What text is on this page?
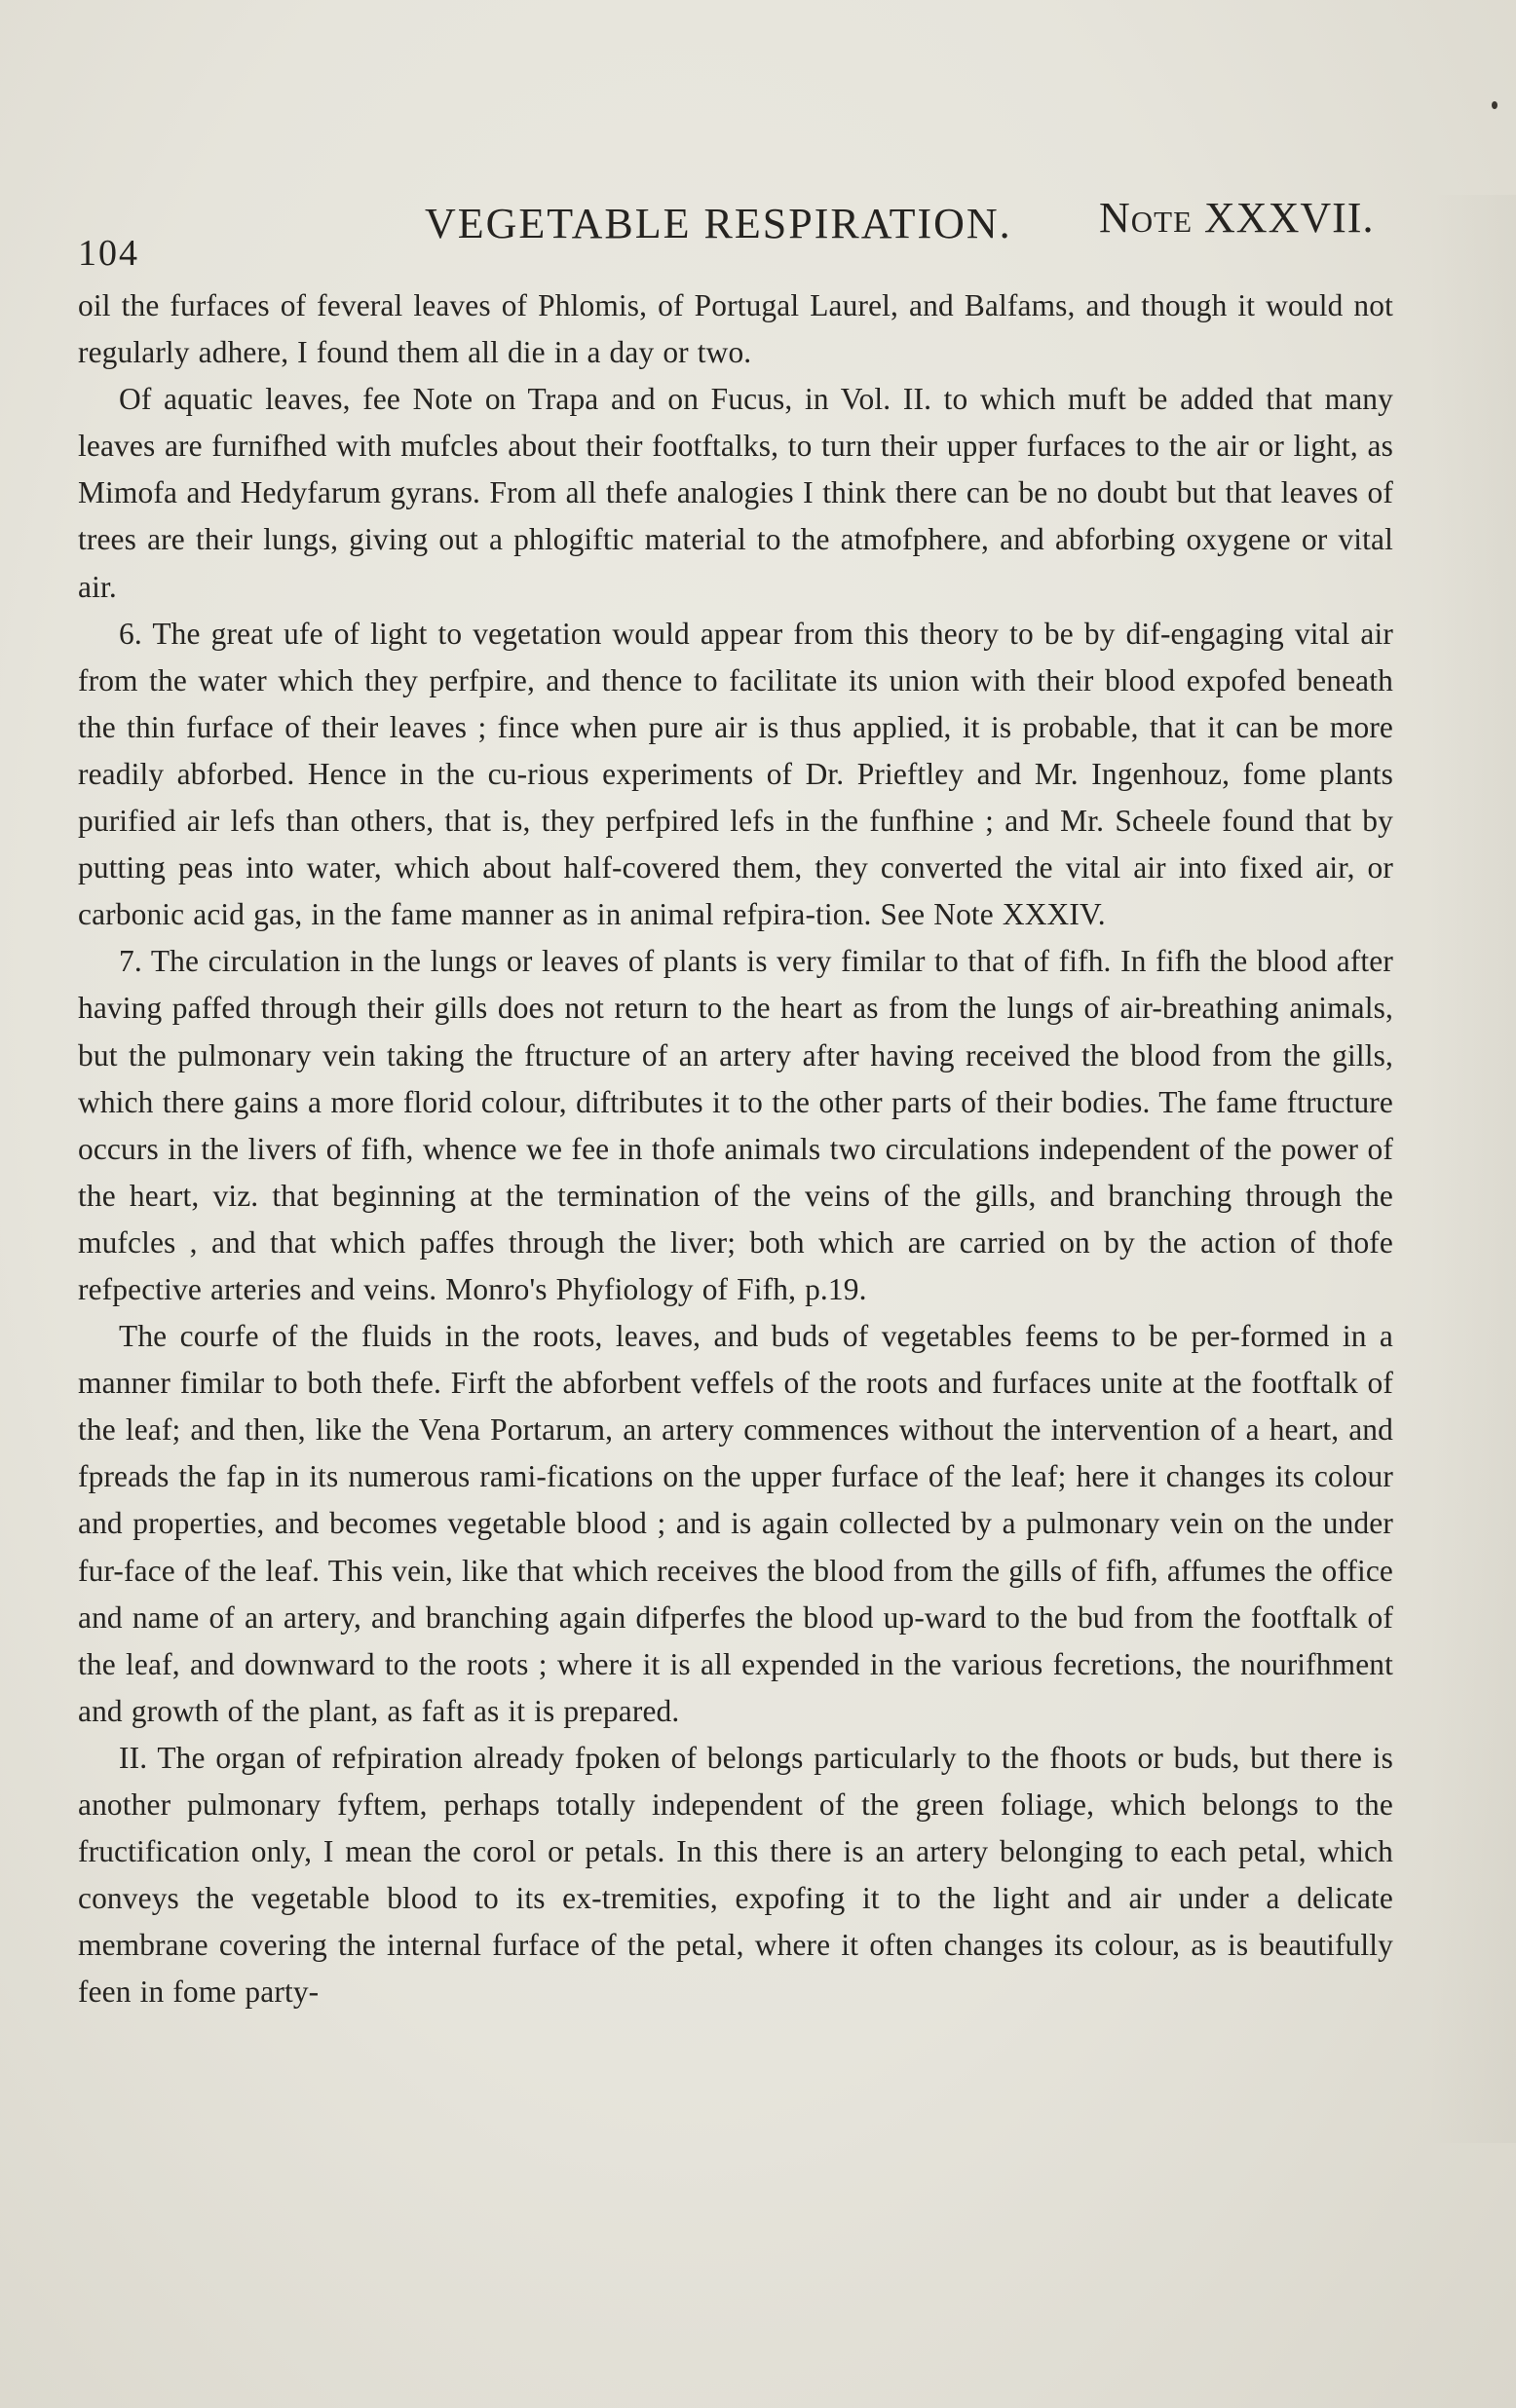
104
VEGETABLE RESPIRATION. Note XXXVII.

oil the furfaces of feveral leaves of Phlomis, of Portugal Laurel, and Balfams, and though it would not regularly adhere, I found them all die in a day or two.

Of aquatic leaves, fee Note on Trapa and on Fucus, in Vol. II. to which muft be added that many leaves are furnifhed with mufcles about their footftalks, to turn their upper furfaces to the air or light, as Mimofa and Hedyfarum gyrans. From all thefe analogies I think there can be no doubt but that leaves of trees are their lungs, giving out a phlogiftic material to the atmofphere, and abforbing oxygene or vital air.

6. The great ufe of light to vegetation would appear from this theory to be by dif-engaging vital air from the water which they perfpire, and thence to facilitate its union with their blood expofed beneath the thin furface of their leaves ; fince when pure air is thus applied, it is probable, that it can be more readily abforbed. Hence in the cu-rious experiments of Dr. Prieftley and Mr. Ingenhouz, fome plants purified air lefs than others, that is, they perfpired lefs in the funfhine ; and Mr. Scheele found that by putting peas into water, which about half-covered them, they converted the vital air into fixed air, or carbonic acid gas, in the fame manner as in animal refpira-tion. See Note XXXIV.

7. The circulation in the lungs or leaves of plants is very fimilar to that of fifh. In fifh the blood after having paffed through their gills does not return to the heart as from the lungs of air-breathing animals, but the pulmonary vein taking the ftructure of an artery after having received the blood from the gills, which there gains a more florid colour, diftributes it to the other parts of their bodies. The fame ftructure occurs in the livers of fifh, whence we fee in thofe animals two circulations independent of the power of the heart, viz. that beginning at the termination of the veins of the gills, and branching through the mufcles , and that which paffes through the liver; both which are carried on by the action of thofe refpective arteries and veins. Monro's Phyfiology of Fifh, p.19.

The courfe of the fluids in the roots, leaves, and buds of vegetables feems to be per-formed in a manner fimilar to both thefe. Firft the abforbent veffels of the roots and furfaces unite at the footftalk of the leaf; and then, like the Vena Portarum, an artery commences without the intervention of a heart, and fpreads the fap in its numerous rami-fications on the upper furface of the leaf; here it changes its colour and properties, and becomes vegetable blood ; and is again collected by a pulmonary vein on the under fur-face of the leaf. This vein, like that which receives the blood from the gills of fifh, affumes the office and name of an artery, and branching again difperfes the blood up-ward to the bud from the footftalk of the leaf, and downward to the roots ; where it is all expended in the various fecretions, the nourifhment and growth of the plant, as faft as it is prepared.

II. The organ of refpiration already fpoken of belongs particularly to the fhoots or buds, but there is another pulmonary fyftem, perhaps totally independent of the green foliage, which belongs to the fructification only, I mean the corol or petals. In this there is an artery belonging to each petal, which conveys the vegetable blood to its ex-tremities, expofing it to the light and air under a delicate membrane covering the internal furface of the petal, where it often changes its colour, as is beautifully feen in fome party-
